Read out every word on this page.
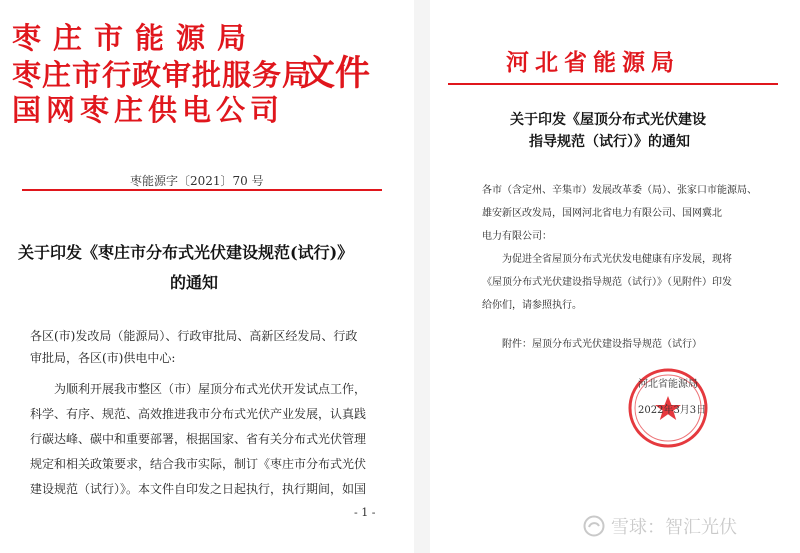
枣庄市能源局
枣庄市行政审批服务局
国网枣庄供电公司
文件
枣能源字〔2021〕70 号
关于印发《枣庄市分布式光伏建设规范(试行)》
的通知
各区(市)发改局（能源局）、行政审批局、高新区经发局、行政
审批局，各区(市)供电中心:
为顺利开展我市整区（市）屋顶分布式光伏开发试点工作，
科学、有序、规范、高效推进我市分布式光伏产业发展，认真践
行碳达峰、碳中和重要部署，根据国家、省有关分布式光伏管理
规定和相关政策要求，结合我市实际，制订《枣庄市分布式光伏
建设规范（试行）》。本文件自印发之日起执行，执行期间，如国
- 1 -
河北省能源局
关于印发《屋顶分布式光伏建设
指导规范（试行）》的通知
各市（含定州、辛集市）发展改革委（局）、张家口市能源局、
雄安新区改发局，国网河北省电力有限公司、国网冀北
电力有限公司：
为促进全省屋顶分布式光伏发电健康有序发展，现将
《屋顶分布式光伏建设指导规范（试行）》（见附件）印发
给你们，请参照执行。
附件：屋顶分布式光伏建设指导规范（试行）
河北省能源局
2022年3月3日
雪球：智汇光伏
